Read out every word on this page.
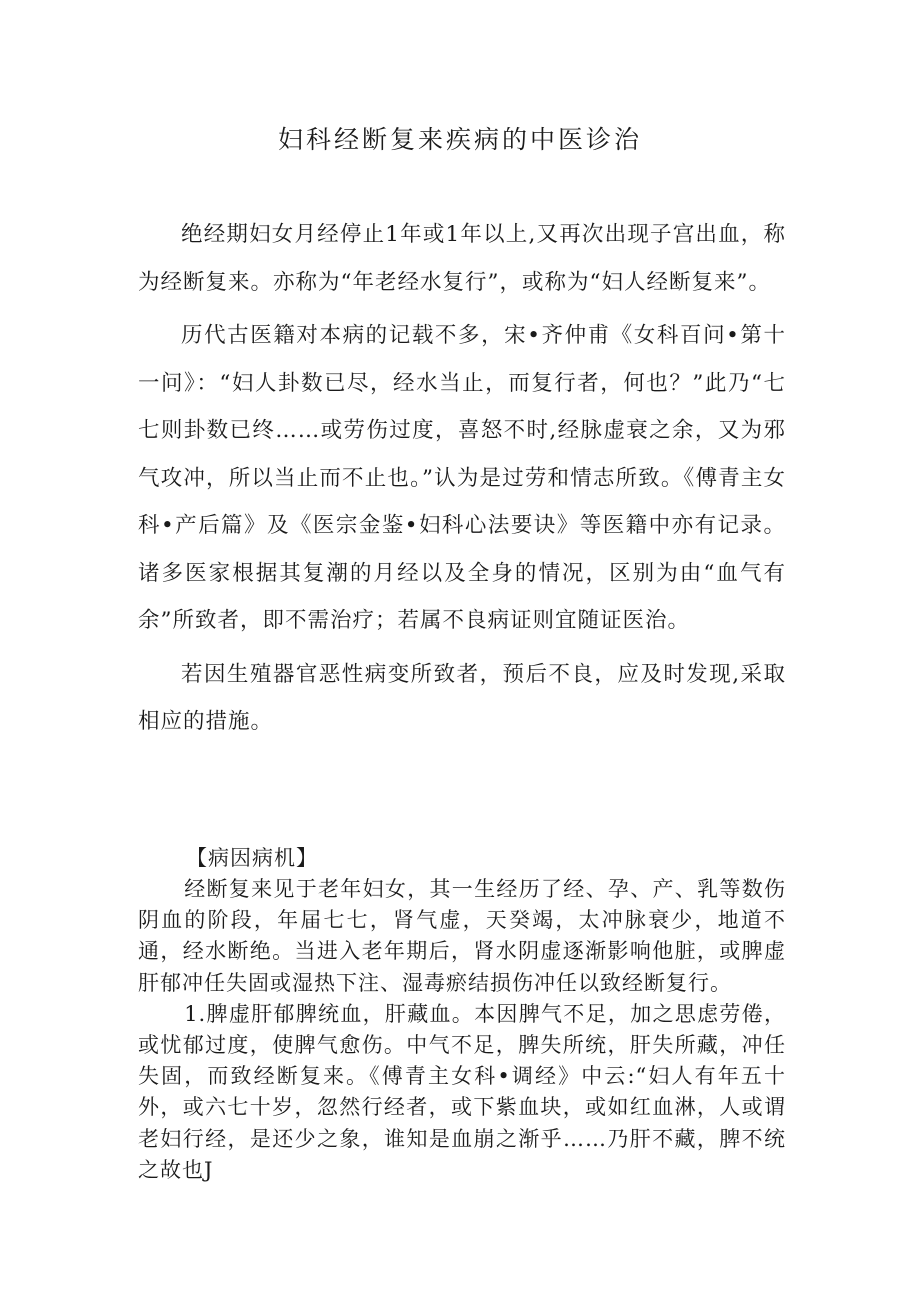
妇科经断复来疾病的中医诊治

绝经期妇女月经停止1年或1年以上,又再次出现子宫出血，称为经断复来。亦称为“年老经水复行”，或称为“妇人经断复来”。

历代古医籍对本病的记载不多，宋•齐仲甫《女科百问•第十一问》：“妇人卦数已尽，经水当止，而复行者，何也？”此乃“七七则卦数已终……或劳伤过度，喜怒不时,经脉虚衰之余，又为邪气攻冲，所以当止而不止也。”认为是过劳和情志所致。《傅青主女科•产后篇》及《医宗金鉴•妇科心法要诀》等医籍中亦有记录。诸多医家根据其复潮的月经以及全身的情况，区别为由“血气有余”所致者，即不需治疗；若属不良病证则宜随证医治。

若因生殖器官恶性病变所致者，预后不良，应及时发现,采取相应的措施。

【病因病机】

经断复来见于老年妇女，其一生经历了经、孕、产、乳等数伤阴血的阶段，年届七七，肾气虚，天癸竭，太冲脉衰少，地道不通，经水断绝。当进入老年期后，肾水阴虚逐渐影响他脏，或脾虚肝郁冲任失固或湿热下注、湿毒瘀结损伤冲任以致经断复行。

1.脾虚肝郁脾统血，肝藏血。本因脾气不足，加之思虑劳倦，或忧郁过度，使脾气愈伤。中气不足，脾失所统，肝失所藏，冲任失固，而致经断复来。《傅青主女科•调经》中云:“妇人有年五十外，或六七十岁，忽然行经者，或下紫血块，或如红血淋，人或谓老妇行经，是还少之象，谁知是血崩之渐乎……乃肝不藏，脾不统之故也J
